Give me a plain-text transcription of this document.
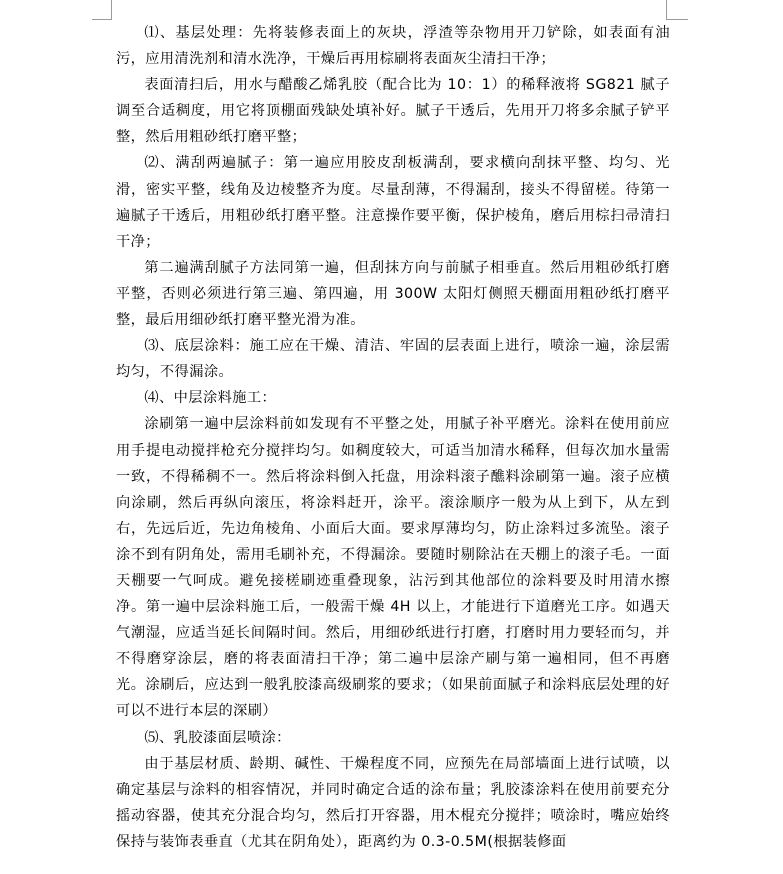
⑴、基层处理：先将装修表面上的灰块，浮渣等杂物用开刀铲除，如表面有油污，应用清洗剂和清水洗净，干燥后再用棕刷将表面灰尘清扫干净；

表面清扫后，用水与醋酸乙烯乳胶（配合比为 10：1）的稀释液将 SG821 腻子调至合适稠度，用它将顶棚面残缺处填补好。腻子干透后，先用开刀将多余腻子铲平整，然后用粗砂纸打磨平整；

⑵、满刮两遍腻子：第一遍应用胶皮刮板满刮，要求横向刮抹平整、均匀、光滑，密实平整，线角及边棱整齐为度。尽量刮薄，不得漏刮，接头不得留槎。待第一遍腻子干透后，用粗砂纸打磨平整。注意操作要平衡，保护棱角，磨后用棕扫帚清扫干净；

第二遍满刮腻子方法同第一遍，但刮抹方向与前腻子相垂直。然后用粗砂纸打磨平整，否则必须进行第三遍、第四遍，用 300W 太阳灯侧照天棚面用粗砂纸打磨平整，最后用细砂纸打磨平整光滑为准。

⑶、底层涂料：施工应在干燥、清洁、牢固的层表面上进行，喷涂一遍，涂层需均匀，不得漏涂。

⑷、中层涂料施工：

涂刷第一遍中层涂料前如发现有不平整之处，用腻子补平磨光。涂料在使用前应用手提电动搅拌枪充分搅拌均匀。如稠度较大，可适当加清水稀释，但每次加水量需一致，不得稀稠不一。然后将涂料倒入托盘，用涂料滚子醮料涂刷第一遍。滚子应横向涂刷，然后再纵向滚压，将涂料赶开，涂平。滚涂顺序一般为从上到下，从左到右，先远后近，先边角棱角、小面后大面。要求厚薄均匀，防止涂料过多流坠。滚子涂不到有阴角处，需用毛刷补充，不得漏涂。要随时剔除沾在天棚上的滚子毛。一面天棚要一气呵成。避免接槎刷迹重叠现象，沾污到其他部位的涂料要及时用清水擦净。第一遍中层涂料施工后，一般需干燥 4H 以上，才能进行下道磨光工序。如遇天气潮湿，应适当延长间隔时间。然后，用细砂纸进行打磨，打磨时用力要轻而匀，并不得磨穿涂层，磨的将表面清扫干净；第二遍中层涂产刷与第一遍相同，但不再磨光。涂刷后，应达到一般乳胶漆高级刷浆的要求；（如果前面腻子和涂料底层处理的好可以不进行本层的深刷）

⑸、乳胶漆面层喷涂：

由于基层材质、龄期、碱性、干燥程度不同，应预先在局部墙面上进行试喷，以确定基层与涂料的相容情况，并同时确定合适的涂布量；乳胶漆涂料在使用前要充分摇动容器，使其充分混合均匀，然后打开容器，用木棍充分搅拌；喷涂时，嘴应始终保持与装饰表垂直（尤其在阴角处），距离约为 0.3-0.5M(根据装修面
